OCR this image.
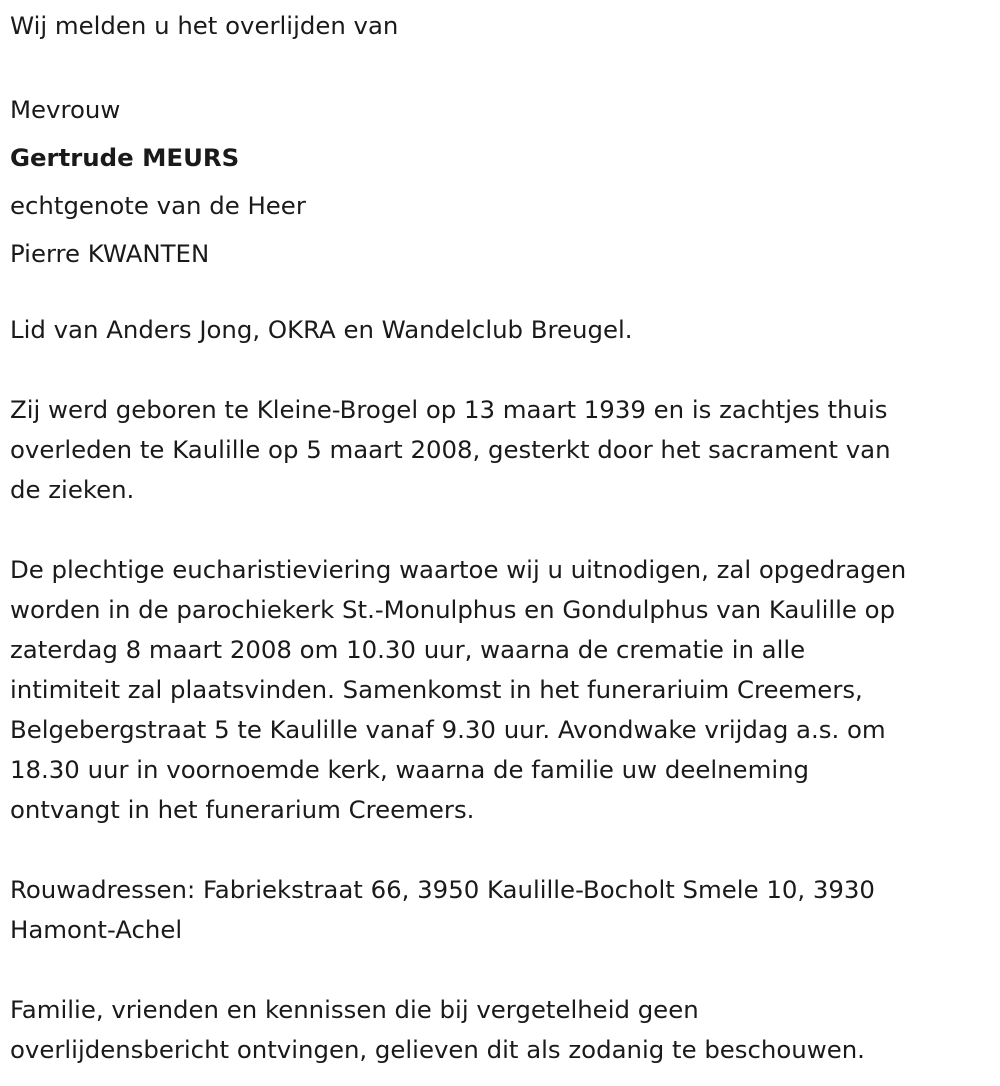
Wij melden u het overlijden van
Mevrouw
Gertrude MEURS
echtgenote van de Heer
Pierre KWANTEN
Lid van Anders Jong, OKRA en Wandelclub Breugel.
Zij werd geboren te Kleine-Brogel op 13 maart 1939 en is zachtjes thuis
overleden te Kaulille op 5 maart 2008, gesterkt door het sacrament van
de zieken.
De plechtige eucharistieviering waartoe wij u uitnodigen, zal opgedragen
worden in de parochiekerk St.-Monulphus en Gondulphus van Kaulille op
zaterdag 8 maart 2008 om 10.30 uur, waarna de crematie in alle
intimiteit zal plaatsvinden. Samenkomst in het funerariuim Creemers,
Belgebergstraat 5 te Kaulille vanaf 9.30 uur. Avondwake vrijdag a.s. om
18.30 uur in voornoemde kerk, waarna de familie uw deelneming
ontvangt in het funerarium Creemers.
Rouwadressen: Fabriekstraat 66, 3950 Kaulille-Bocholt Smele 10, 3930
Hamont-Achel
Familie, vrienden en kennissen die bij vergetelheid geen
overlijdensbericht ontvingen, gelieven dit als zodanig te beschouwen.
